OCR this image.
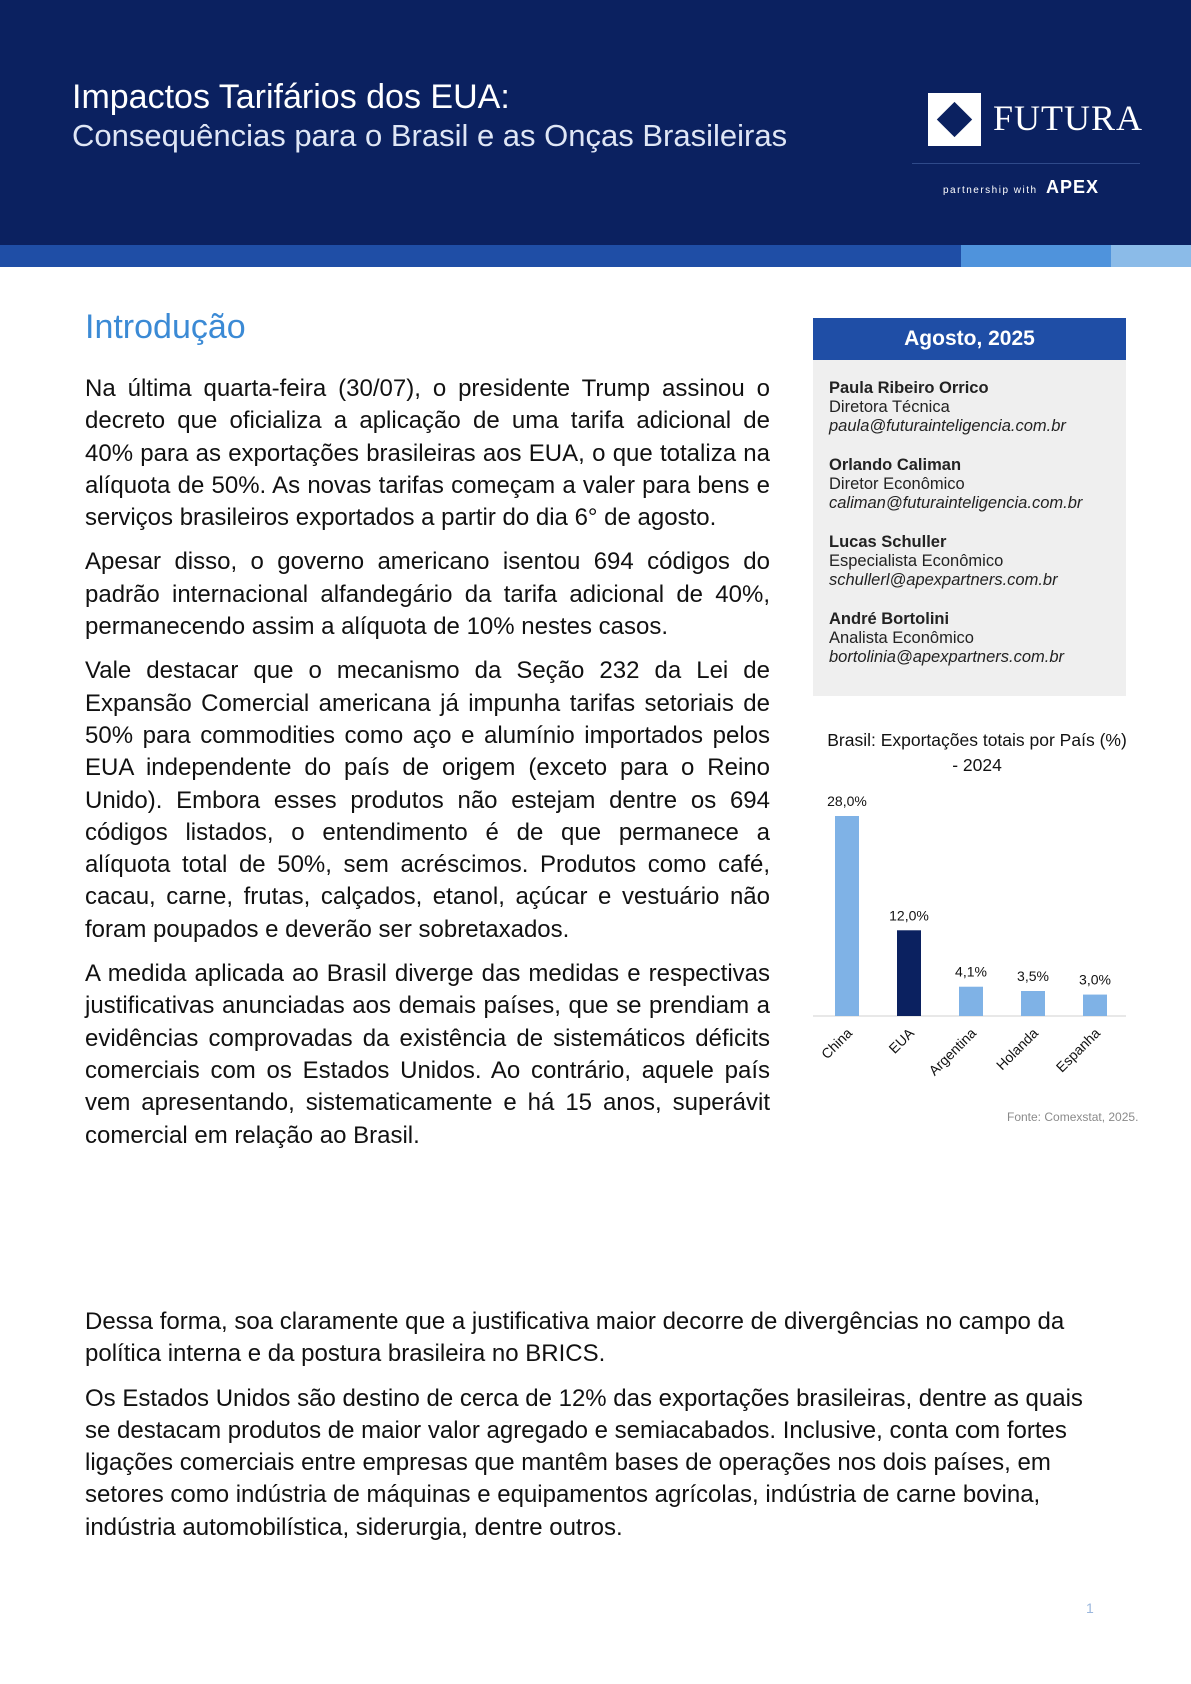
Impactos Tarifários dos EUA:
Consequências para o Brasil e as Onças Brasileiras	FUTURA
partnership with APEX
Introdução

Na última quarta-feira (30/07), o presidente Trump assinou o decreto que oficializa a aplicação de uma tarifa adicional de 40% para as exportações brasileiras aos EUA, o que totaliza na alíquota de 50%. As novas tarifas começam a valer para bens e serviços brasileiros exportados a partir do dia 6° de agosto.

Apesar disso, o governo americano isentou 694 códigos do padrão internacional alfandegário da tarifa adicional de 40%, permanecendo assim a alíquota de 10% nestes casos.

Vale destacar que o mecanismo da Seção 232 da Lei de Expansão Comercial americana já impunha tarifas setoriais de 50% para commodities como aço e alumínio importados pelos EUA independente do país de origem (exceto para o Reino Unido). Embora esses produtos não estejam dentre os 694 códigos listados, o entendimento é de que permanece a alíquota total de 50%, sem acréscimos. Produtos como café, cacau, carne, frutas, calçados, etanol, açúcar e vestuário não foram poupados e deverão ser sobretaxados.

A medida aplicada ao Brasil diverge das medidas e respectivas justificativas anunciadas aos demais países, que se prendiam a evidências comprovadas da existência de sistemáticos déficits comerciais com os Estados Unidos. Ao contrário, aquele país vem apresentando, sistematicamente e há 15 anos, superávit comercial em relação ao Brasil.

Dessa forma, soa claramente que a justificativa maior decorre de divergências no campo da política interna e da postura brasileira no BRICS.

Os Estados Unidos são destino de cerca de 12% das exportações brasileiras, dentre as quais se destacam produtos de maior valor agregado e semiacabados. Inclusive, conta com fortes ligações comerciais entre empresas que mantêm bases de operações nos dois países, em setores como indústria de máquinas e equipamentos agrícolas, indústria de carne bovina, indústria automobilística, siderurgia, dentre outros.

Agosto, 2025
Paula Ribeiro Orrico
Diretora Técnica
paula@futurainteligencia.com.br
Orlando Caliman
Diretor Econômico
caliman@futurainteligencia.com.br
Lucas Schuller
Especialista Econômico
schullerl@apexpartners.com.br
André Bortolini
Analista Econômico
bortolinia@apexpartners.com.br
Brasil: Exportações totais por País (%) - 2024
28,0%
China
12,0%
EUA
4,1%
Argentina
3,5%
Holanda
3,0%
Espanha
Fonte: Comexstat, 2025.
1
